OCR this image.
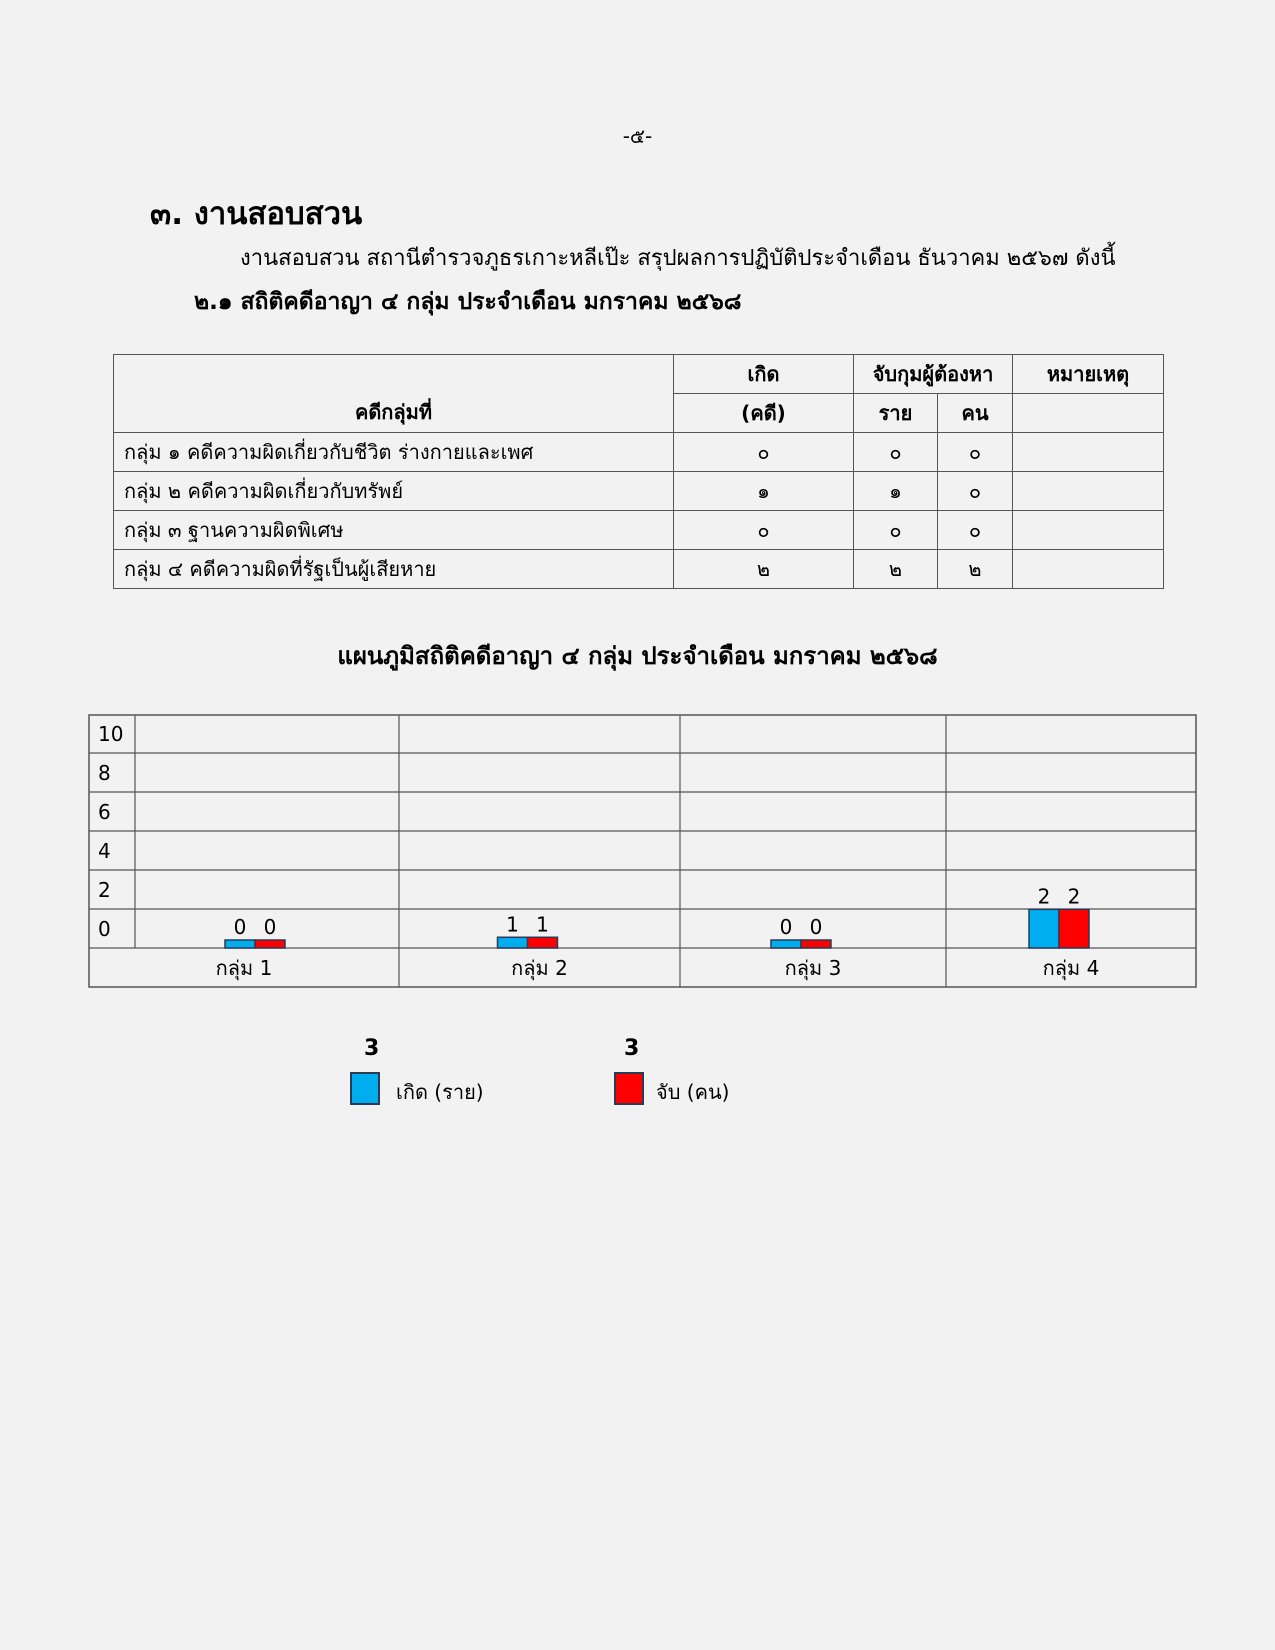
-๕-
๓. งานสอบสวน
งานสอบสวน สถานีตำรวจภูธรเกาะหลีเป๊ะ สรุปผลการปฏิบัติประจำเดือน ธันวาคม ๒๕๖๗ ดังนี้
๒.๑ สถิติคดีอาญา ๔ กลุ่ม ประจำเดือน มกราคม ๒๕๖๘
คดีกลุ่มที่	เกิด	จับกุมผู้ต้องหา		หมายเหตุ
	(คดี)	ราย	คน	
กลุ่ม ๑ คดีความผิดเกี่ยวกับชีวิต ร่างกายและเพศ	๐	๐	๐	
กลุ่ม ๒ คดีความผิดเกี่ยวกับทรัพย์	๑	๑	๐	
กลุ่ม ๓ ฐานความผิดพิเศษ	๐	๐	๐	
กลุ่ม ๔ คดีความผิดที่รัฐเป็นผู้เสียหาย	๒	๒	๒	
แผนภูมิสถิติคดีอาญา ๔ กลุ่ม ประจำเดือน มกราคม ๒๕๖๘
10
8
6
4
2
0
กลุ่ม 1	กลุ่ม 2	กลุ่ม 3	กลุ่ม 4
0 0	1 1	0 0
2 2
3
เกิด (ราย)
3
จับ (คน)
